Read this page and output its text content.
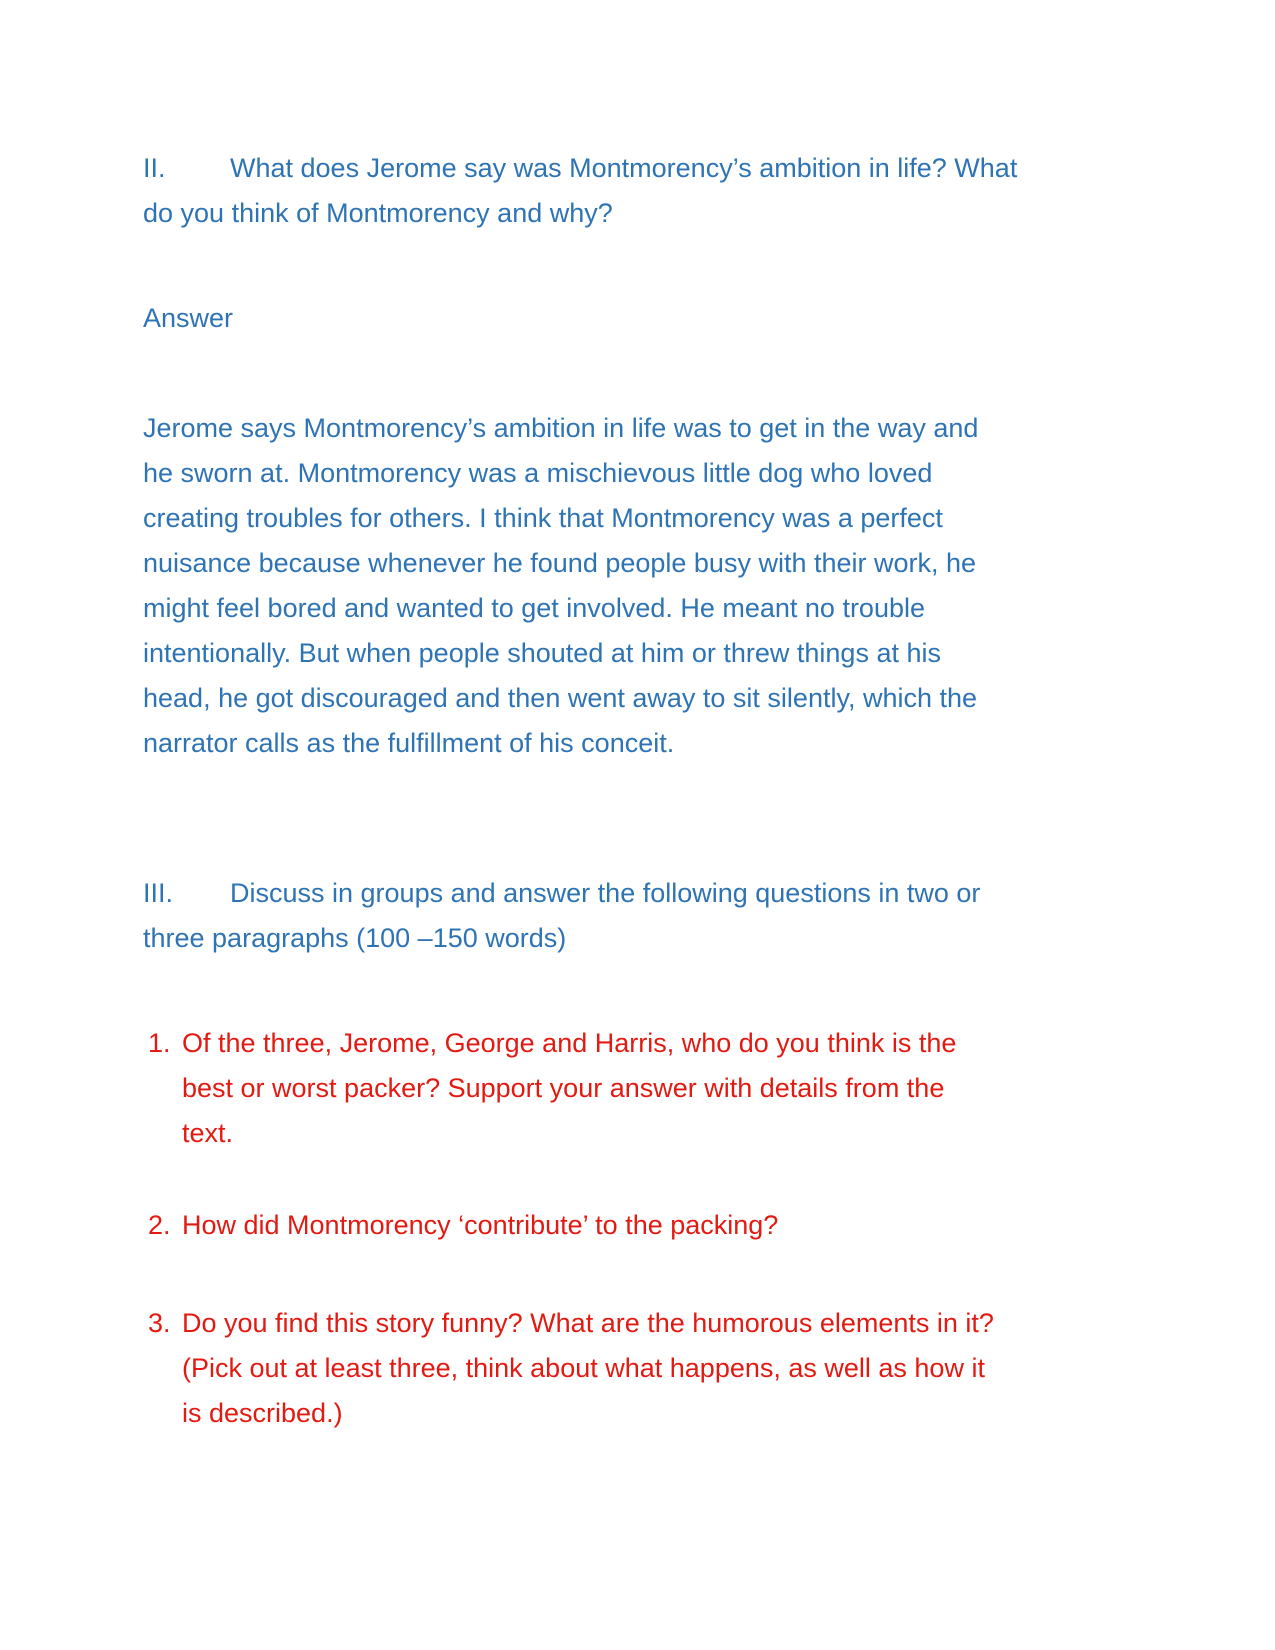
II. What does Jerome say was Montmorency’s ambition in life? What
do you think of Montmorency and why?
Answer
Jerome says Montmorency’s ambition in life was to get in the way and
he sworn at. Montmorency was a mischievous little dog who loved
creating troubles for others. I think that Montmorency was a perfect
nuisance because whenever he found people busy with their work, he
might feel bored and wanted to get involved. He meant no trouble
intentionally. But when people shouted at him or threw things at his
head, he got discouraged and then went away to sit silently, which the
narrator calls as the fulfillment of his conceit.
III. Discuss in groups and answer the following questions in two or
three paragraphs (100 –150 words)
1. Of the three, Jerome, George and Harris, who do you think is the
best or worst packer? Support your answer with details from the
text.
2. How did Montmorency ‘contribute’ to the packing?
3. Do you find this story funny? What are the humorous elements in it?
(Pick out at least three, think about what happens, as well as how it
is described.)
